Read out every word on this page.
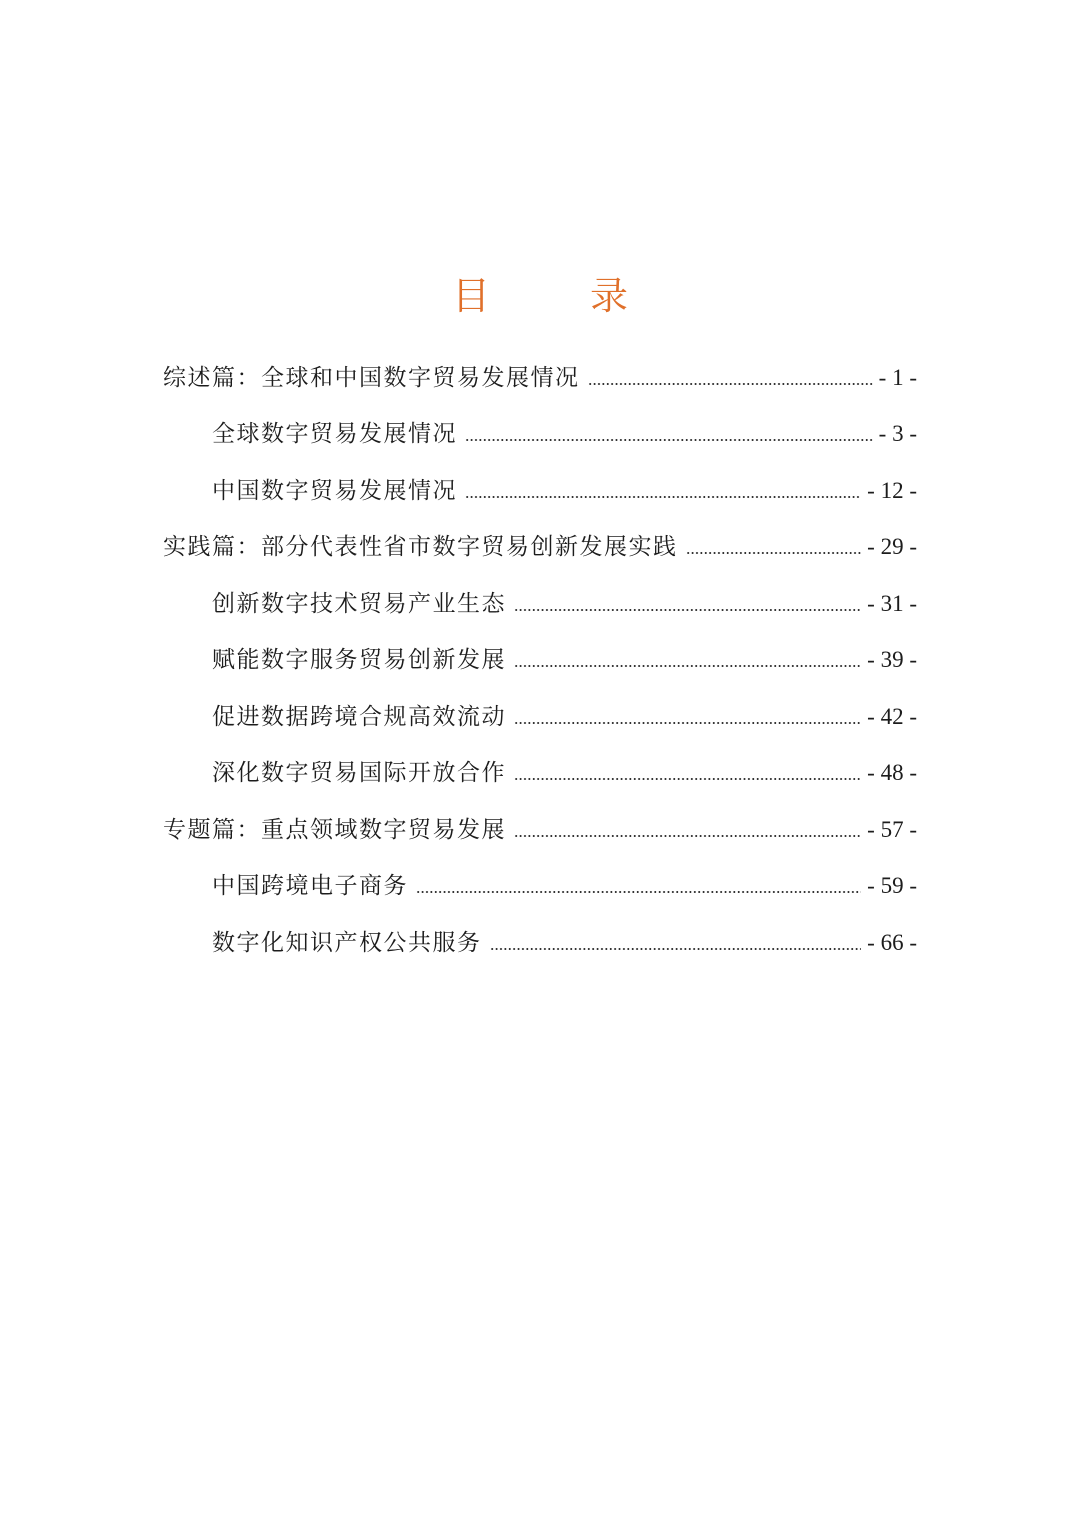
目 录
综述篇：全球和中国数字贸易发展情况	- 1 -
全球数字贸易发展情况	- 3 -
中国数字贸易发展情况	- 12 -
实践篇：部分代表性省市数字贸易创新发展实践	- 29 -
创新数字技术贸易产业生态	- 31 -
赋能数字服务贸易创新发展	- 39 -
促进数据跨境合规高效流动	- 42 -
深化数字贸易国际开放合作	- 48 -
专题篇：重点领域数字贸易发展	- 57 -
中国跨境电子商务	- 59 -
数字化知识产权公共服务	- 66 -
